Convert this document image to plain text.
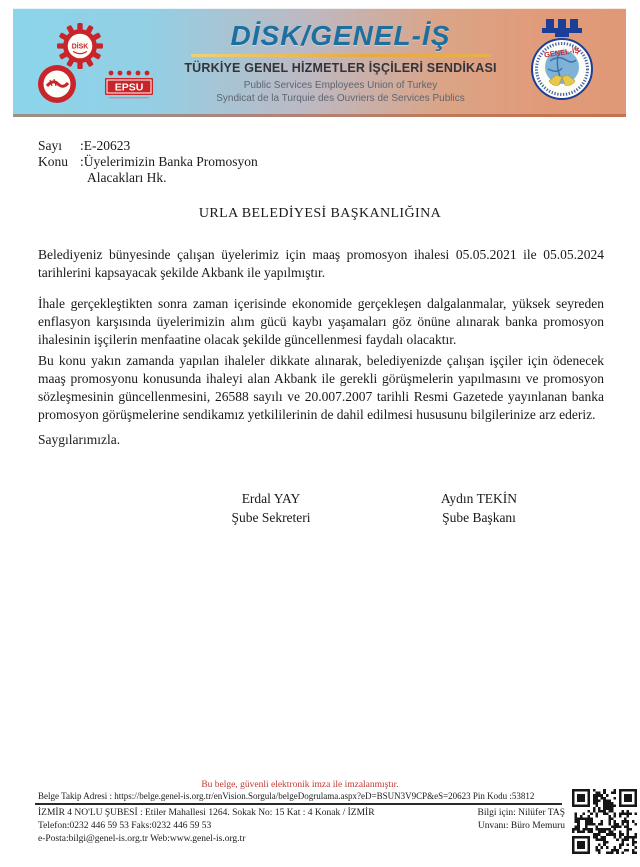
DİSK
EPSU
DİSK/GENEL-İŞ
TÜRKİYE GENEL HİZMETLER İŞÇİLERİ SENDİKASI
Public Services Employees Union of Turkey
Syndicat de la Turquie des Ouvriers de Services Publics
GENEL-İŞ
Sayı	:E-20623
Konu :Üyelerimizin Banka Promosyon
Alacakları Hk.
URLA BELEDİYESİ BAŞKANLIĞINA
Belediyeniz bünyesinde çalışan üyelerimiz için maaş promosyon ihalesi 05.05.2021 ile 05.05.2024 tarihlerini kapsayacak şekilde Akbank ile yapılmıştır.
İhale gerçekleştikten sonra zaman içerisinde ekonomide gerçekleşen dalgalanmalar, yüksek seyreden enflasyon karşısında üyelerimizin alım gücü kaybı yaşamaları göz önüne alınarak banka promosyon ihalesinin işçilerin menfaatine olacak şekilde güncellenmesi faydalı olacaktır.
Bu konu yakın zamanda yapılan ihaleler dikkate alınarak, belediyenizde çalışan işçiler için ödenecek maaş promosyonu konusunda ihaleyi alan Akbank ile gerekli görüşmelerin yapılmasını ve promosyon sözleşmesinin güncellenmesini, 26588 sayılı ve 20.007.2007 tarihli Resmi Gazetede yayınlanan banka promosyon görüşmelerine sendikamız yetkililerinin de dahil edilmesi hususunu bilgilerinize arz ederiz.
Saygılarımızla.
Erdal YAY
Şube Sekreteri
Aydın TEKİN
Şube Başkanı
Bu belge, güvenli elektronik imza ile imzalanmıştır.
Belge Takip Adresi : https://belge.genel-is.org.tr/enVision.Sorgula/belgeDogrulama.aspx?eD=BSUN3V9CP&eS=20623 Pin Kodu :53812
İZMİR 4 NO'LU ŞUBESİ : Etiler Mahallesi 1264. Sokak No: 15 Kat : 4 Konak / İZMİR
Telefon:0232 446 59 53 Faks:0232 446 59 53
e-Posta:bilgi@genel-is.org.tr Web:www.genel-is.org.tr
Bilgi için: Nilüfer TAŞ
Unvanı: Büro Memuru
